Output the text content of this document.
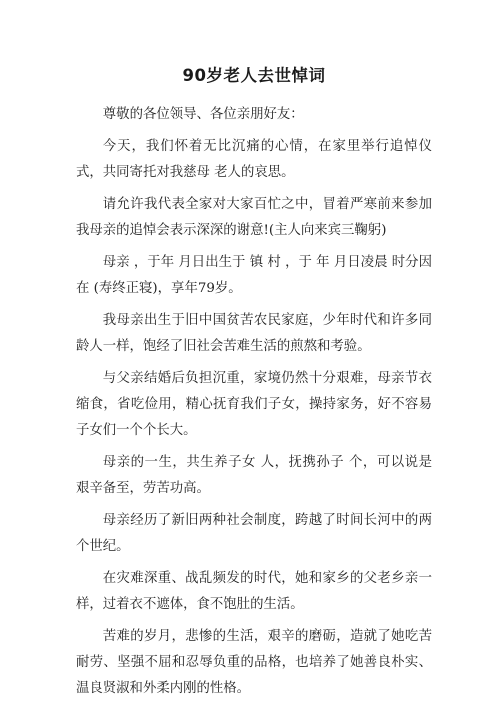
90岁老人去世悼词

尊敬的各位领导、各位亲朋好友：

今天，我们怀着无比沉痛的心情，在家里举行追悼仪式，共同寄托对我慈母 老人的哀思。

请允许我代表全家对大家百忙之中，冒着严寒前来参加我母亲的追悼会表示深深的谢意!(主人向来宾三鞠躬)

母亲 ，于年 月日出生于 镇 村 ，于 年 月日凌晨 时分因 在 (寿终正寝)，享年79岁。

我母亲出生于旧中国贫苦农民家庭，少年时代和许多同龄人一样，饱经了旧社会苦难生活的煎熬和考验。

与父亲结婚后负担沉重，家境仍然十分艰难，母亲节衣缩食，省吃俭用，精心抚育我们子女，操持家务，好不容易子女们一个个长大。

母亲的一生，共生养子女 人，抚携孙子 个，可以说是艰辛备至，劳苦功高。

母亲经历了新旧两种社会制度，跨越了时间长河中的两个世纪。

在灾难深重、战乱频发的时代，她和家乡的父老乡亲一样，过着衣不遮体，食不饱肚的生活。

苦难的岁月，悲惨的生活，艰辛的磨砺，造就了她吃苦耐劳、坚强不屈和忍辱负重的品格，也培养了她善良朴实、温良贤淑和外柔内刚的性格。
